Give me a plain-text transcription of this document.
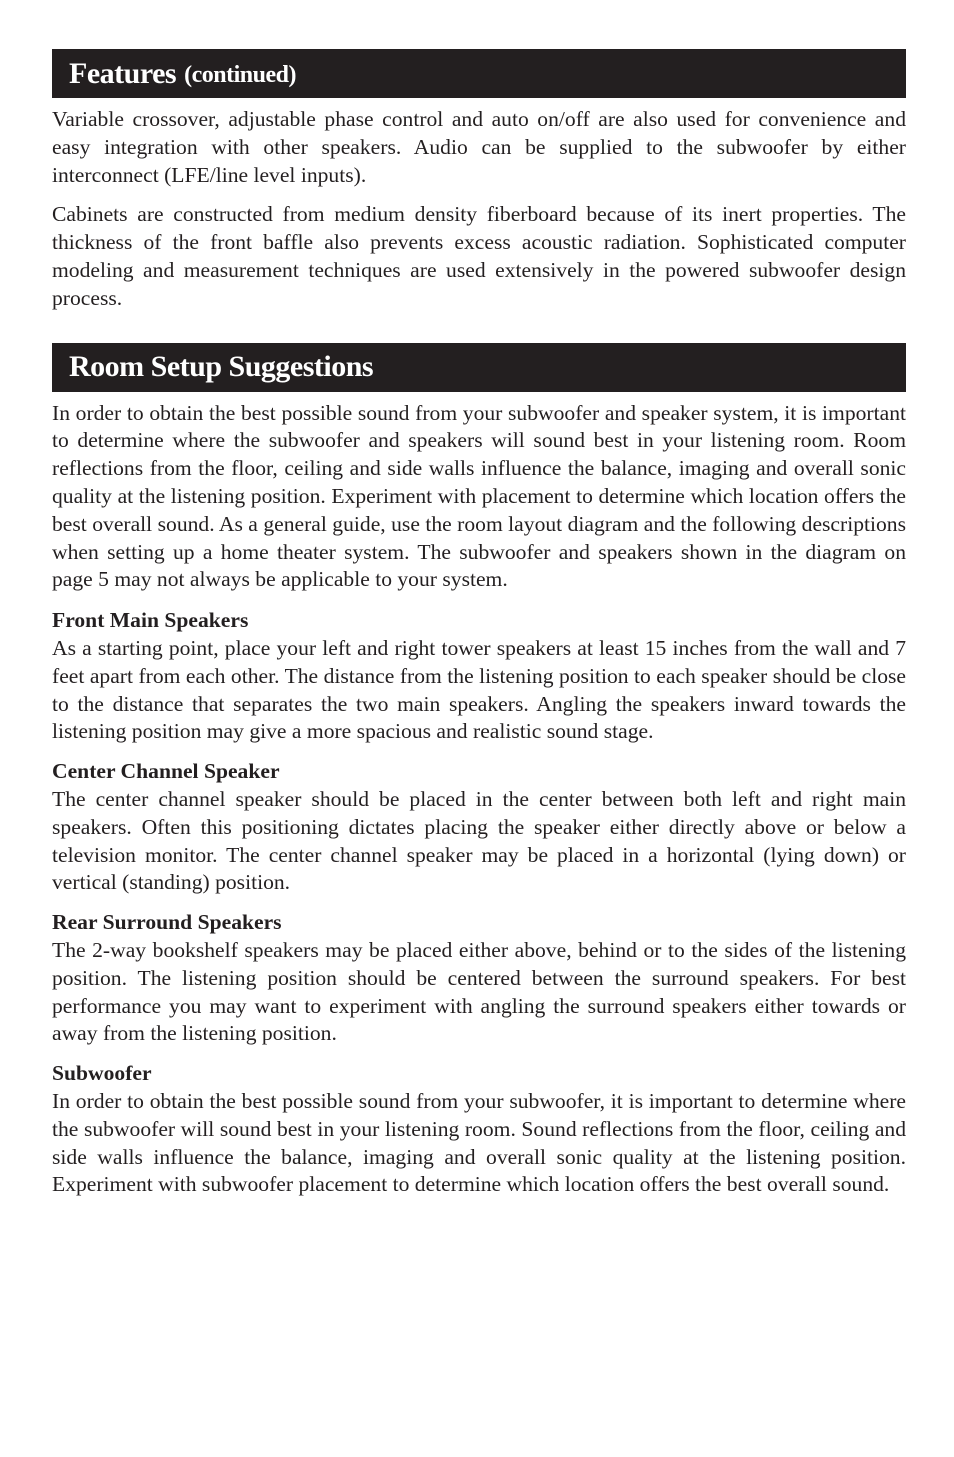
Features (continued)

Variable crossover, adjustable phase control and auto on/off are also used for convenience and easy integration with other speakers. Audio can be supplied to the subwoofer by either interconnect (LFE/line level inputs).

Cabinets are constructed from medium density fiberboard because of its inert properties. The thickness of the front baffle also prevents excess acoustic radiation. Sophisticated computer modeling and measurement techniques are used extensively in the powered subwoofer design process.

Room Setup Suggestions

In order to obtain the best possible sound from your subwoofer and speaker system, it is important to determine where the subwoofer and speakers will sound best in your listening room. Room reflections from the floor, ceiling and side walls influence the balance, imaging and overall sonic quality at the listening position. Experiment with placement to determine which location offers the best overall sound. As a general guide, use the room layout diagram and the following descriptions when setting up a home theater system. The subwoofer and speakers shown in the diagram on page 5 may not always be applicable to your system.

Front Main Speakers

As a starting point, place your left and right tower speakers at least 15 inches from the wall and 7 feet apart from each other. The distance from the listening position to each speaker should be close to the distance that separates the two main speakers. Angling the speakers inward towards the listening position may give a more spacious and realistic sound stage.

Center Channel Speaker

The center channel speaker should be placed in the center between both left and right main speakers. Often this positioning dictates placing the speaker either directly above or below a television monitor. The center channel speaker may be placed in a horizontal (lying down) or vertical (standing) position.

Rear Surround Speakers

The 2-way bookshelf speakers may be placed either above, behind or to the sides of the listening position. The listening position should be centered between the surround speakers. For best performance you may want to experiment with angling the surround speakers either towards or away from the listening position.

Subwoofer

In order to obtain the best possible sound from your subwoofer, it is important to determine where the subwoofer will sound best in your listening room. Sound reflections from the floor, ceiling and side walls influence the balance, imaging and overall sonic quality at the listening position. Experiment with subwoofer placement to determine which location offers the best overall sound.
